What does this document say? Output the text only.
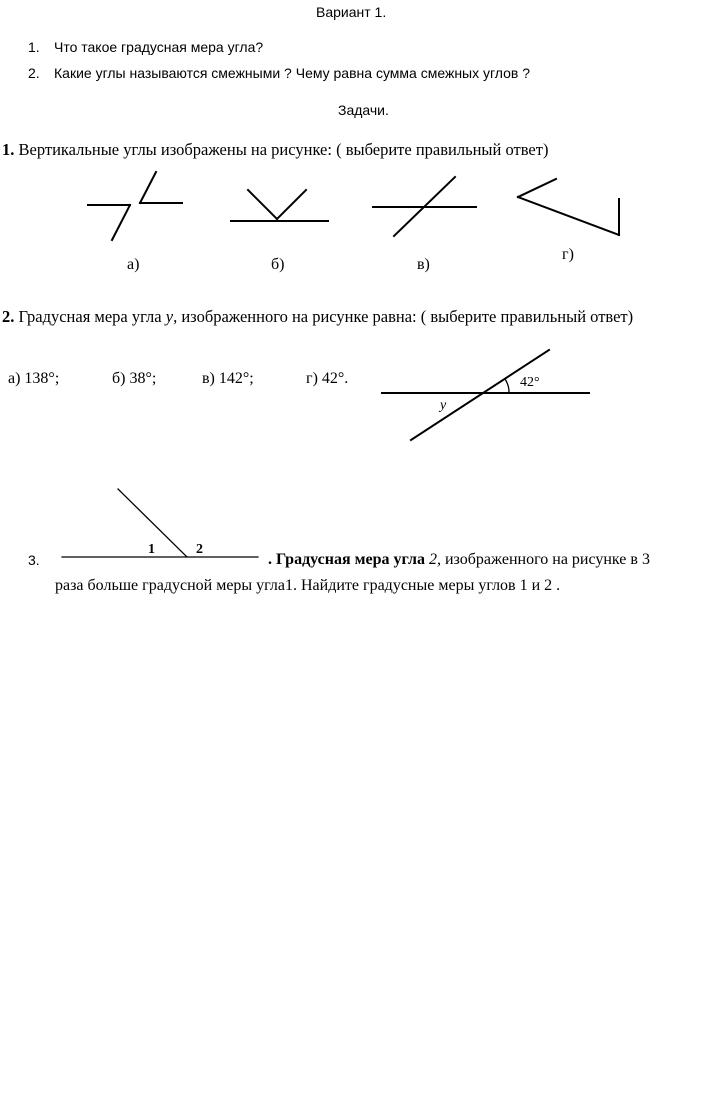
Вариант 1.
1. Что такое градусная мера угла?
2. Какие углы называются смежными ? Чему равна сумма смежных углов ?
Задачи.
1. Вертикальные углы изображены на рисунке: ( выберите правильный ответ)
42°
y
1	2
а)	б)	в)
г)
2. Градусная мера угла y, изображенного на рисунке равна: ( выберите правильный ответ)
а) 138°;	б) 38°;	в) 142°;	г) 42°.
3.	. Градусная мера угла 2, изображенного на рисунке в 3
раза больше градусной меры угла1. Найдите градусные меры углов 1 и 2 .
